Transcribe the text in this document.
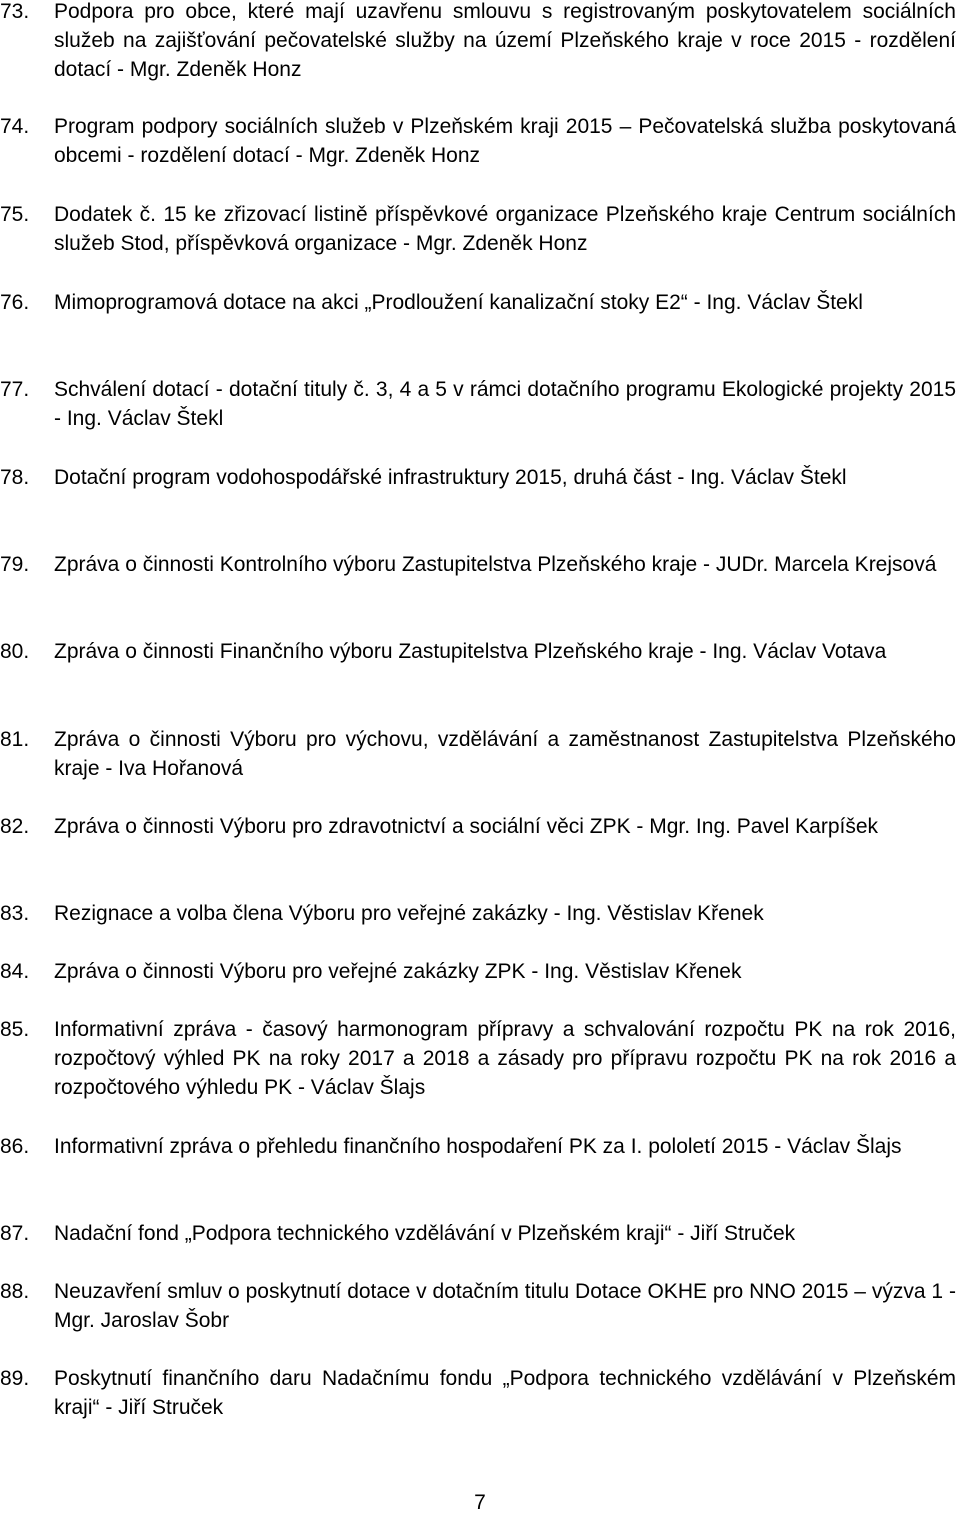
73.	Podpora pro obce, které mají uzavřenu smlouvu s registrovaným poskytovatelem sociálních služeb na zajišťování pečovatelské služby na území Plzeňského kraje v roce 2015 - rozdělení dotací - Mgr. Zdeněk Honz
74.	Program podpory sociálních služeb v Plzeňském kraji 2015 – Pečovatelská služba poskytovaná obcemi - rozdělení dotací - Mgr. Zdeněk Honz
75.	Dodatek č. 15 ke zřizovací listině příspěvkové organizace Plzeňského kraje Centrum sociálních služeb Stod, příspěvková organizace - Mgr. Zdeněk Honz
76.	Mimoprogramová dotace na akci „Prodloužení kanalizační stoky E2“ - Ing. Václav Štekl
77.	Schválení dotací - dotační tituly č. 3, 4 a 5 v rámci dotačního programu Ekologické projekty 2015 - Ing. Václav Štekl
78.	Dotační program vodohospodářské infrastruktury 2015, druhá část - Ing. Václav Štekl
79.	Zpráva o činnosti Kontrolního výboru Zastupitelstva Plzeňského kraje - JUDr. Marcela Krejsová
80.	Zpráva o činnosti Finančního výboru Zastupitelstva Plzeňského kraje - Ing. Václav Votava
81.	Zpráva o činnosti Výboru pro výchovu, vzdělávání a zaměstnanost Zastupitelstva Plzeňského kraje - Iva Hořanová
82.	Zpráva o činnosti Výboru pro zdravotnictví a sociální věci ZPK - Mgr. Ing. Pavel Karpíšek
83.	Rezignace a volba člena Výboru pro veřejné zakázky - Ing. Věstislav Křenek
84.	Zpráva o činnosti Výboru pro veřejné zakázky ZPK - Ing. Věstislav Křenek
85.	Informativní zpráva - časový harmonogram přípravy a schvalování rozpočtu PK na rok 2016, rozpočtový výhled PK na roky 2017 a 2018 a zásady pro přípravu rozpočtu PK na rok 2016 a rozpočtového výhledu PK - Václav Šlajs
86.	Informativní zpráva o přehledu finančního hospodaření PK za I. pololetí 2015 - Václav Šlajs
87.	Nadační fond „Podpora technického vzdělávání v Plzeňském kraji“ - Jiří Struček
88.	Neuzavření smluv o poskytnutí dotace v dotačním titulu Dotace OKHE pro NNO 2015 – výzva 1 - Mgr. Jaroslav Šobr
89.	Poskytnutí finančního daru Nadačnímu fondu „Podpora technického vzdělávání v Plzeňském kraji“ - Jiří Struček
7
